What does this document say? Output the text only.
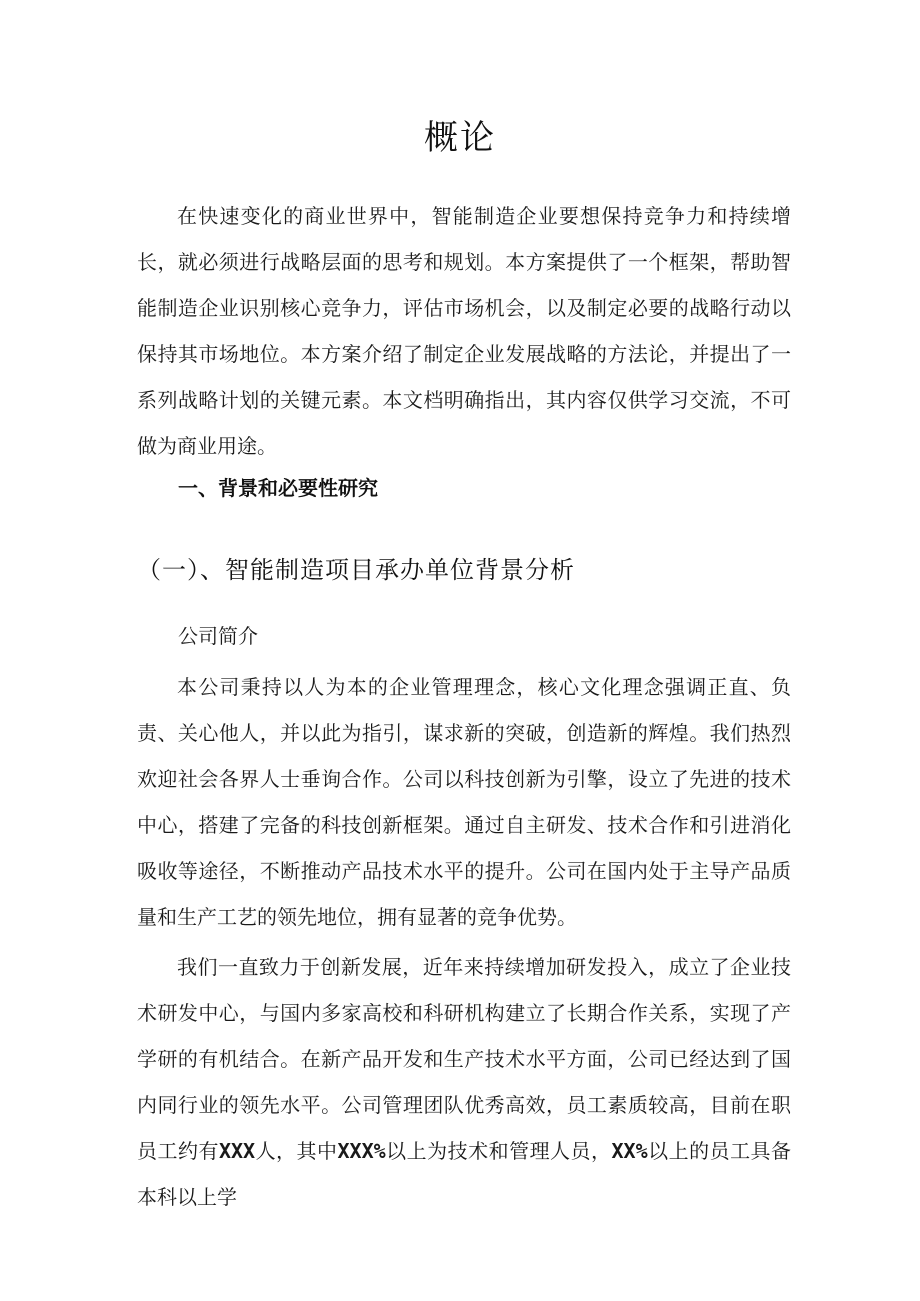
概论
在快速变化的商业世界中，智能制造企业要想保持竞争力和持续增长，就必须进行战略层面的思考和规划。本方案提供了一个框架，帮助智能制造企业识别核心竞争力，评估市场机会，以及制定必要的战略行动以保持其市场地位。本方案介绍了制定企业发展战略的方法论，并提出了一系列战略计划的关键元素。本文档明确指出，其内容仅供学习交流，不可做为商业用途。
一、背景和必要性研究
（一）、智能制造项目承办单位背景分析
公司简介
本公司秉持以人为本的企业管理理念，核心文化理念强调正直、负责、关心他人，并以此为指引，谋求新的突破，创造新的辉煌。我们热烈欢迎社会各界人士垂询合作。公司以科技创新为引擎，设立了先进的技术中心，搭建了完备的科技创新框架。通过自主研发、技术合作和引进消化吸收等途径，不断推动产品技术水平的提升。公司在国内处于主导产品质量和生产工艺的领先地位，拥有显著的竞争优势。
我们一直致力于创新发展，近年来持续增加研发投入，成立了企业技术研发中心，与国内多家高校和科研机构建立了长期合作关系，实现了产学研的有机结合。在新产品开发和生产技术水平方面，公司已经达到了国内同行业的领先水平。公司管理团队优秀高效，员工素质较高，目前在职员工约有XXX人，其中XXX%以上为技术和管理人员，XX%以上的员工具备本科以上学
